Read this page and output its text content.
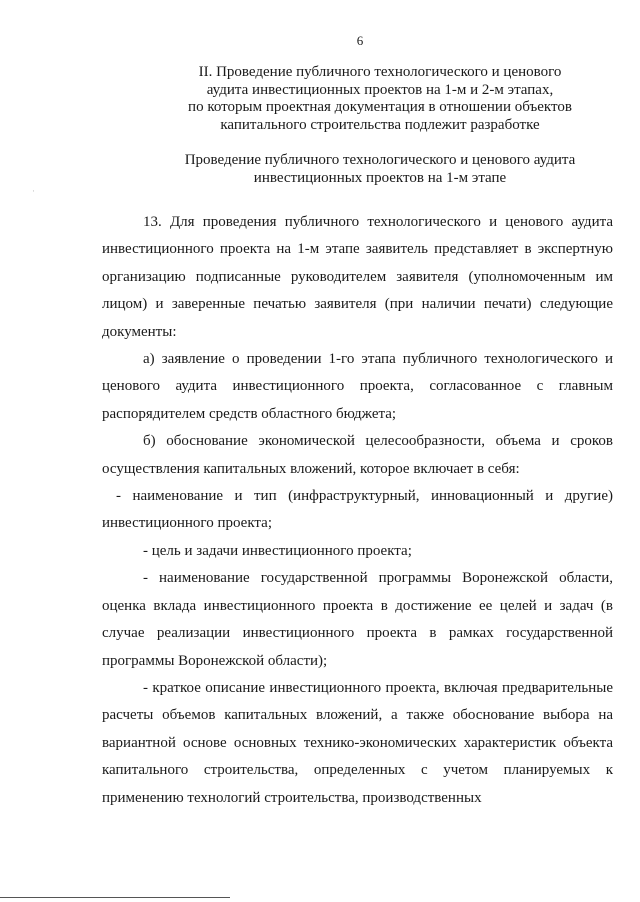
·
6
II. Проведение публичного технологического и ценового
аудита инвестиционных проектов на 1-м и 2-м этапах,
по которым проектная документация в отношении объектов
капитального строительства подлежит разработке
Проведение публичного технологического и ценового аудита
инвестиционных проектов на 1-м этапе

13. Для проведения публичного технологического и ценового аудита инвестиционного проекта на 1-м этапе заявитель представляет в экспертную организацию подписанные руководителем заявителя (уполномоченным им лицом) и заверенные печатью заявителя (при наличии печати) следующие документы:

а) заявление о проведении 1-го этапа публичного технологического и ценового аудита инвестиционного проекта, согласованное с главным распорядителем средств областного бюджета;

б) обоснование экономической целесообразности, объема и сроков осуществления капитальных вложений, которое включает в себя:

- наименование и тип (инфраструктурный, инновационный и другие) инвестиционного проекта;

- цель и задачи инвестиционного проекта;

- наименование государственной программы Воронежской области, оценка вклада инвестиционного проекта в достижение ее целей и задач (в случае реализации инвестиционного проекта в рамках государственной программы Воронежской области);

- краткое описание инвестиционного проекта, включая предварительные расчеты объемов капитальных вложений, а также обоснование выбора на вариантной основе основных технико-экономических характеристик объекта капитального строительства, определенных с учетом планируемых к применению технологий строительства, производственных
